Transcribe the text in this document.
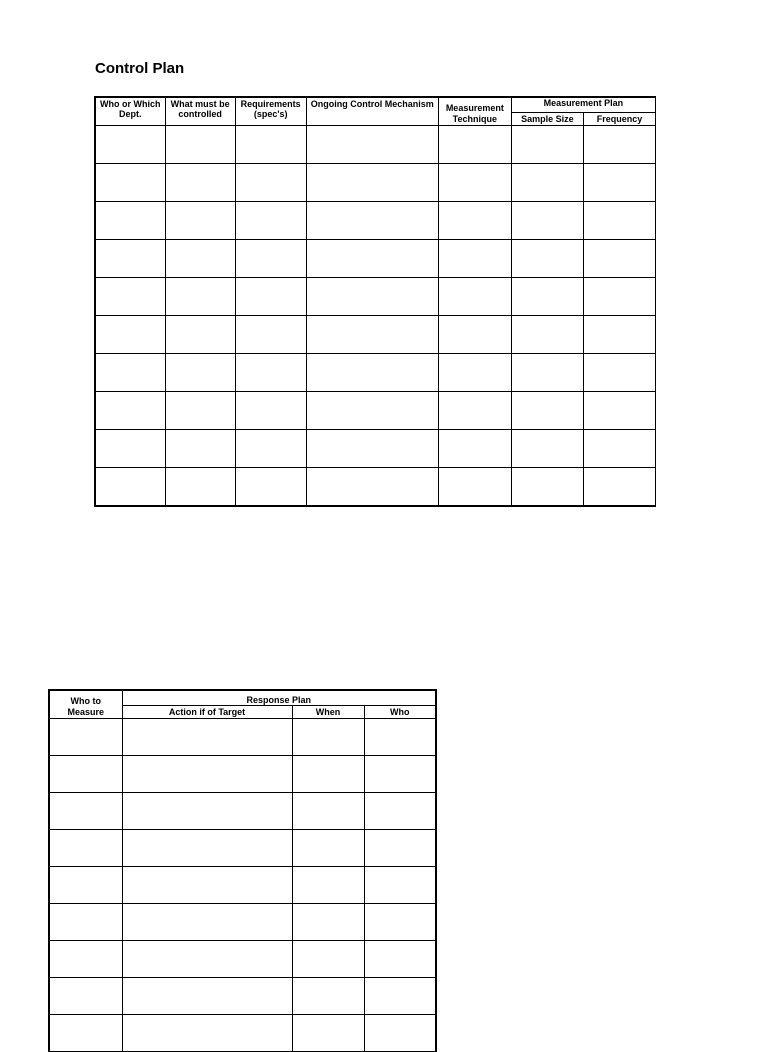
Control Plan
Who or Which Dept.	What must be controlled	Requirements (spec's)	Ongoing Control Mechanism	Measurement	Measurement Plan	
				Technique	Sample Size	Frequency

Who to	Response Plan		
Measure	Action if of Target	When	Who
